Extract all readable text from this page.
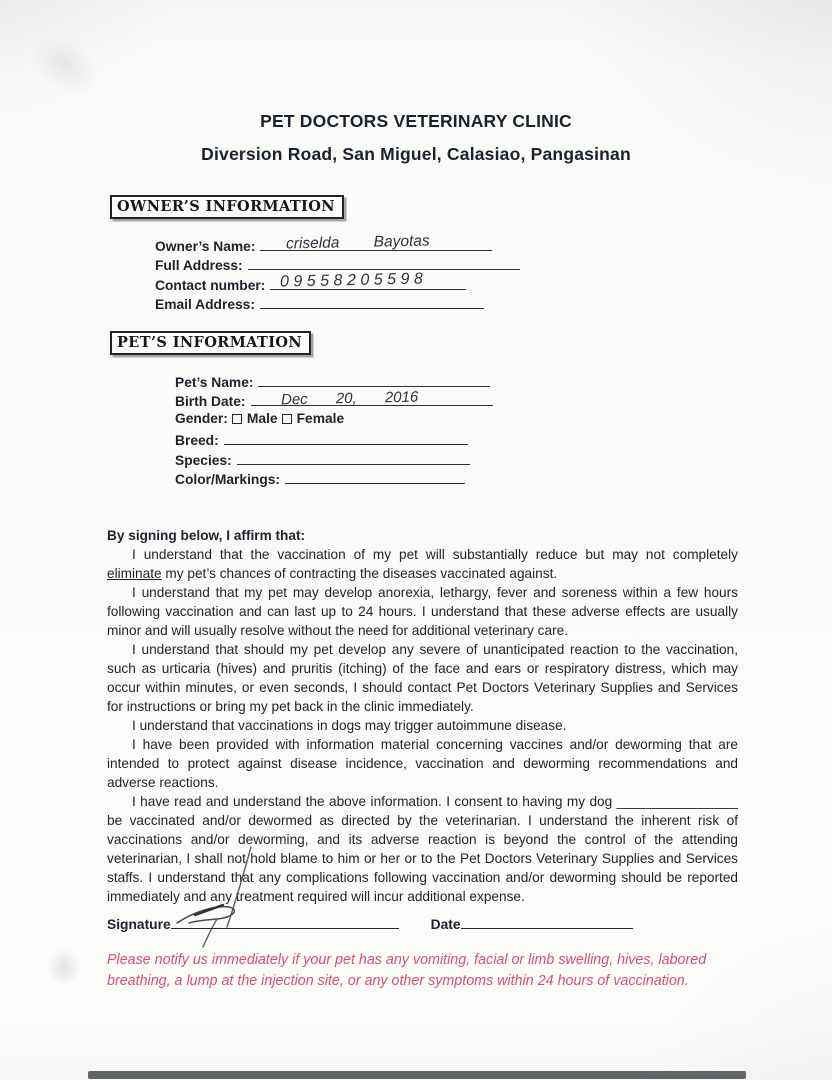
PET DOCTORS VETERINARY CLINIC
Diversion Road, San Miguel, Calasiao, Pangasinan
OWNER’S INFORMATION
Owner’s Name: criselda Bayotas
Full Address:
Contact number: 09558205598
Email Address:
PET’S INFORMATION
Pet’s Name:
Birth Date: Dec 20, 2016
Gender: Male Female
Breed:
Species:
Color/Markings:

By signing below, I affirm that:

I understand that the vaccination of my pet will substantially reduce but may not completely eliminate my pet’s chances of contracting the diseases vaccinated against.

I understand that my pet may develop anorexia, lethargy, fever and soreness within a few hours following vaccination and can last up to 24 hours. I understand that these adverse effects are usually minor and will usually resolve without the need for additional veterinary care.

I understand that should my pet develop any severe of unanticipated reaction to the vaccination, such as urticaria (hives) and pruritis (itching) of the face and ears or respiratory distress, which may occur within minutes, or even seconds, I should contact Pet Doctors Veterinary Supplies and Services for instructions or bring my pet back in the clinic immediately.

I understand that vaccinations in dogs may trigger autoimmune disease.

I have been provided with information material concerning vaccines and/or deworming that are intended to protect against disease incidence, vaccination and deworming recommendations and adverse reactions.

I have read and understand the above information. I consent to having my dog ________________ be vaccinated and/or dewormed as directed by the veterinarian. I understand the inherent risk of vaccinations and/or deworming, and its adverse reaction is beyond the control of the attending veterinarian, I shall not hold blame to him or her or to the Pet Doctors Veterinary Supplies and Services staffs. I understand that any complications following vaccination and/or deworming should be reported immediately and any treatment required will incur additional expense.

Signature	Date
Please notify us immediately if your pet has any vomiting, facial or limb swelling, hives, labored breathing, a lump at the injection site, or any other symptoms within 24 hours of vaccination.
